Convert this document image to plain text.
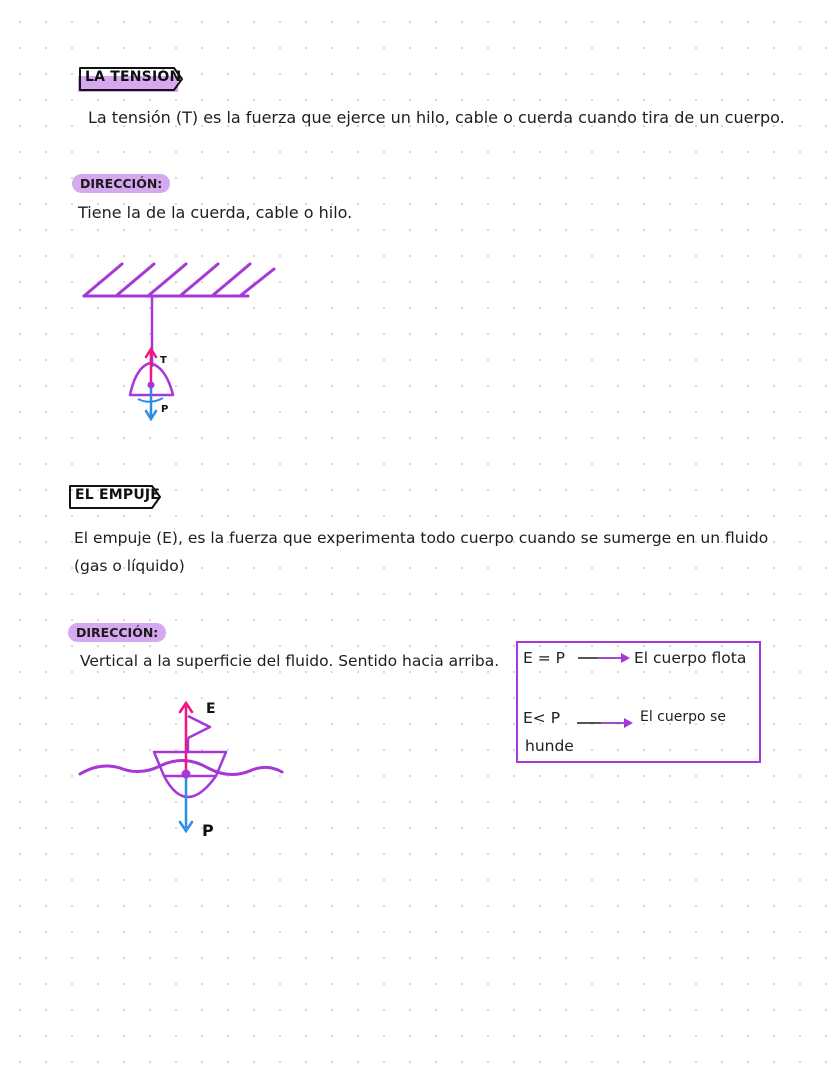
LA TENSIÓN
La tensión (T) es la fuerza que ejerce un hilo, cable o cuerda cuando tira de un cuerpo.
DIRECCIÓN:
Tiene la de la cuerda, cable o hilo.
T
P
EL EMPUJE
El empuje (E), es la fuerza que experimenta todo cuerpo cuando se sumerge en un fluido
(gas o líquido)
DIRECCIÓN:
Vertical a la superficie del fluido. Sentido hacia arriba. E = P	El cuerpo flota
E< P	El cuerpo se
hunde
E
P
